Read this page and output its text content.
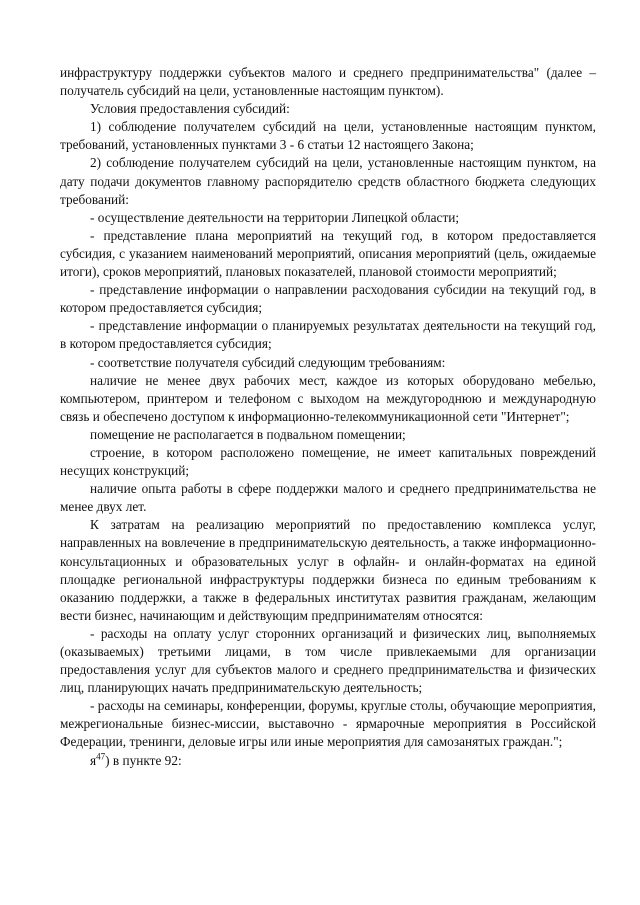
инфраструктуру поддержки субъектов малого и среднего предпринимательства" (далее – получатель субсидий на цели, установленные настоящим пунктом).

Условия предоставления субсидий:

1) соблюдение получателем субсидий на цели, установленные настоящим пунктом, требований, установленных пунктами 3 - 6 статьи 12 настоящего Закона;

2) соблюдение получателем субсидий на цели, установленные настоящим пунктом, на дату подачи документов главному распорядителю средств областного бюджета следующих требований:

- осуществление деятельности на территории Липецкой области;

- представление плана мероприятий на текущий год, в котором предоставляется субсидия, с указанием наименований мероприятий, описания мероприятий (цель, ожидаемые итоги), сроков мероприятий, плановых показателей, плановой стоимости мероприятий;

- представление информации о направлении расходования субсидии на текущий год, в котором предоставляется субсидия;

- представление информации о планируемых результатах деятельности на текущий год, в котором предоставляется субсидия;

- соответствие получателя субсидий следующим требованиям:

наличие не менее двух рабочих мест, каждое из которых оборудовано мебелью, компьютером, принтером и телефоном с выходом на междугороднюю и международную связь и обеспечено доступом к информационно-телекоммуникационной сети "Интернет";

помещение не располагается в подвальном помещении;

строение, в котором расположено помещение, не имеет капитальных повреждений несущих конструкций;

наличие опыта работы в сфере поддержки малого и среднего предпринимательства не менее двух лет.

К затратам на реализацию мероприятий по предоставлению комплекса услуг, направленных на вовлечение в предпринимательскую деятельность, а также информационно-консультационных и образовательных услуг в офлайн- и онлайн-форматах на единой площадке региональной инфраструктуры поддержки бизнеса по единым требованиям к оказанию поддержки, а также в федеральных институтах развития гражданам, желающим вести бизнес, начинающим и действующим предпринимателям относятся:

- расходы на оплату услуг сторонних организаций и физических лиц, выполняемых (оказываемых) третьими лицами, в том числе привлекаемыми для организации предоставления услуг для субъектов малого и среднего предпринимательства и физических лиц, планирующих начать предпринимательскую деятельность;

- расходы на семинары, конференции, форумы, круглые столы, обучающие мероприятия, межрегиональные бизнес-миссии, выставочно - ярмарочные мероприятия в Российской Федерации, тренинги, деловые игры или иные мероприятия для самозанятых граждан.";

$я^{47}$) в пункте 92:
